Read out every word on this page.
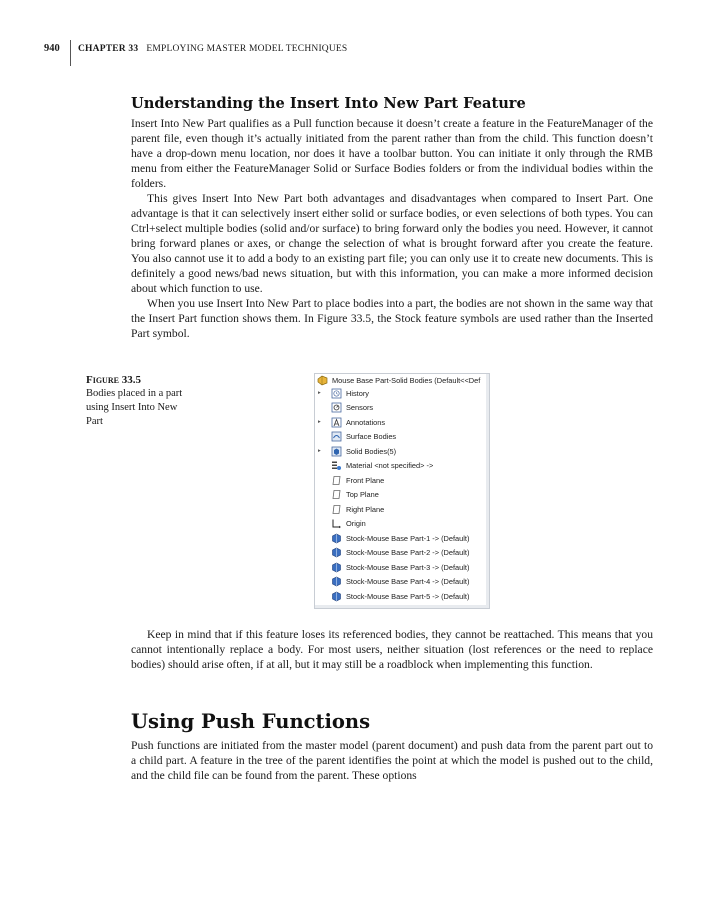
940	CHAPTER 33 EMPLOYING MASTER MODEL TECHNIQUES
Understanding the Insert Into New Part Feature

Insert Into New Part qualifies as a Pull function because it doesn’t create a feature in the FeatureManager of the parent file, even though it’s actually initiated from the parent rather than from the child. This function doesn’t have a drop-down menu location, nor does it have a toolbar button. You can initiate it only through the RMB menu from either the FeatureManager Solid or Surface Bodies folders or from the individual bodies within the folders.

This gives Insert Into New Part both advantages and disadvantages when compared to Insert Part. One advantage is that it can selectively insert either solid or surface bodies, or even selections of both types. You can Ctrl+select multiple bodies (solid and/or surface) to bring forward only the bodies you need. However, it cannot bring forward planes or axes, or change the selection of what is brought forward after you create the feature. You also cannot use it to add a body to an existing part file; you can only use it to create new documents. This is definitely a good news/bad news situation, but with this information, you can make a more informed decision about which function to use.

When you use Insert Into New Part to place bodies into a part, the bodies are not shown in the same way that the Insert Part function shows them. In Figure 33.5, the Stock feature symbols are used rather than the Inserted Part symbol.

Figure 33.5
Bodies placed in a part using Insert Into New Part
Mouse Base Part-Solid Bodies (Default<<Def
▸	History
Sensors
▸	Annotations
Surface Bodies
▸	Solid Bodies(5)
Material <not specified> ->
Front Plane
Top Plane
Right Plane
Origin
Stock-Mouse Base Part-1 -> (Default)
Stock-Mouse Base Part-2 -> (Default)
Stock-Mouse Base Part-3 -> (Default)
Stock-Mouse Base Part-4 -> (Default)
Stock-Mouse Base Part-5 -> (Default)

Keep in mind that if this feature loses its referenced bodies, they cannot be reattached. This means that you cannot intentionally replace a body. For most users, neither situation (lost references or the need to replace bodies) should arise often, if at all, but it may still be a roadblock when implementing this function.

Using Push Functions

Push functions are initiated from the master model (parent document) and push data from the parent part out to a child part. A feature in the tree of the parent identifies the point at which the model is pushed out to the child, and the child file can be found from the parent. These options
